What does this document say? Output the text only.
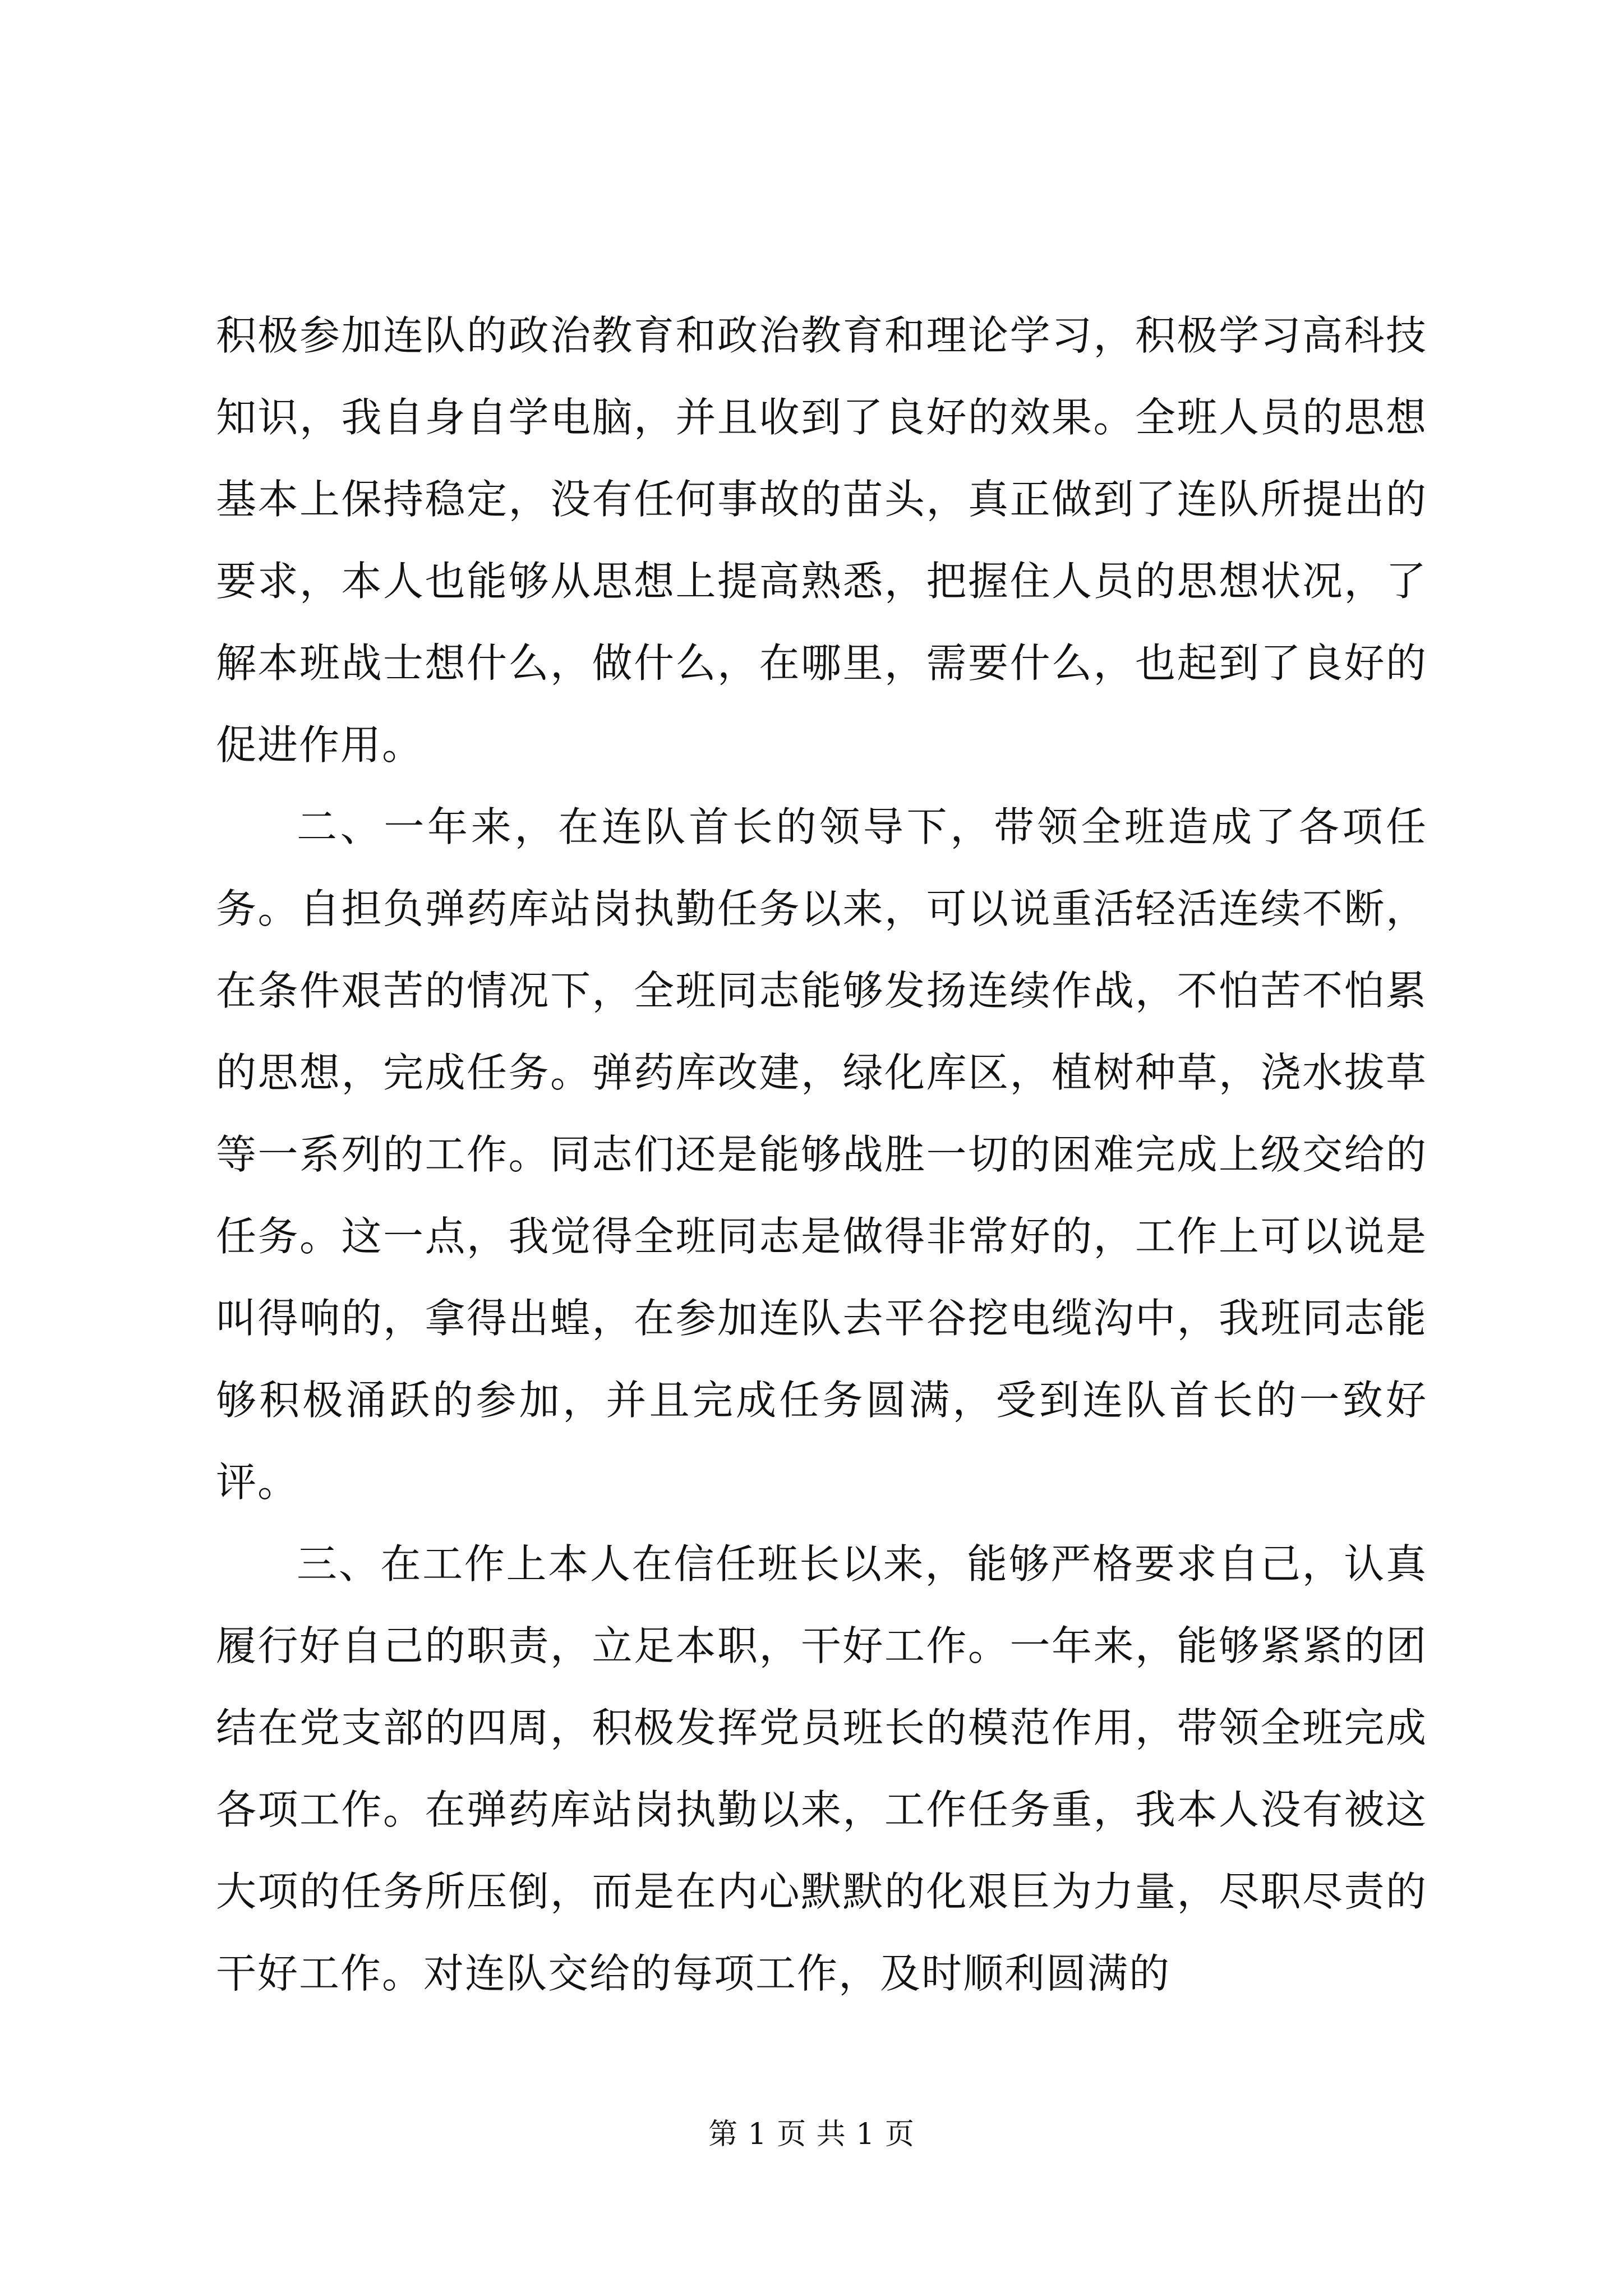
积极参加连队的政治教育和政治教育和理论学习，积极学习高科技知识，我自身自学电脑，并且收到了良好的效果。全班人员的思想基本上保持稳定，没有任何事故的苗头，真正做到了连队所提出的要求，本人也能够从思想上提高熟悉，把握住人员的思想状况，了解本班战士想什么，做什么，在哪里，需要什么，也起到了良好的促进作用。

二、一年来，在连队首长的领导下，带领全班造成了各项任务。自担负弹药库站岗执勤任务以来，可以说重活轻活连续不断，在条件艰苦的情况下，全班同志能够发扬连续作战，不怕苦不怕累的思想，完成任务。弹药库改建，绿化库区，植树种草，浇水拔草等一系列的工作。同志们还是能够战胜一切的困难完成上级交给的任务。这一点，我觉得全班同志是做得非常好的，工作上可以说是叫得响的，拿得出蝗，在参加连队去平谷挖电缆沟中，我班同志能够积极涌跃的参加，并且完成任务圆满，受到连队首长的一致好评。

三、在工作上本人在信任班长以来，能够严格要求自己，认真履行好自己的职责，立足本职，干好工作。一年来，能够紧紧的团结在党支部的四周，积极发挥党员班长的模范作用，带领全班完成各项工作。在弹药库站岗执勤以来，工作任务重，我本人没有被这大项的任务所压倒，而是在内心默默的化艰巨为力量，尽职尽责的干好工作。对连队交给的每项工作，及时顺利圆满的

第 1 页 共 1 页
